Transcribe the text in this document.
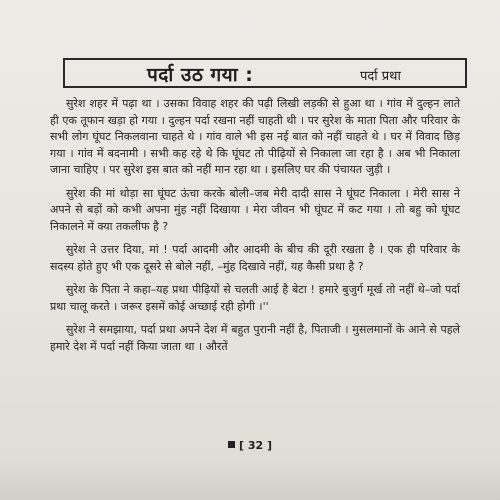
पर्दा उठ गया :	पर्दा प्रथा

सुरेश शहर में पढ़ा था । उसका विवाह शहर की पढ़ी लिखी लड़की से हुआ था । गांव में दुल्हन लाते ही एक तूफान खड़ा हो गया । दुल्हन पर्दा रखना नहीं चाहती थी । पर सुरेश के माता पिता और परिवार के सभी लोग घूंघट निकलवाना चाहते थे । गांव वाले भी इस नई बात को नहीं चाहते थे । घर में विवाद छिड़ गया । गांव में बदनामी । सभी कह रहे थे कि घूंघट तो पीढ़ियों से निकाला जा रहा है । अब भी निकाला जाना चाहिए । पर सुरेश इस बात को नहीं मान रहा था । इसलिए घर की पंचायत जुड़ी ।

सुरेश की मां थोड़ा सा घूंघट ऊंचा करके बोली–जब मेरी दादी सास ने घूंघट निकाला । मेरी सास ने अपने से बड़ों को कभी अपना मुंह नहीं दिखाया । मेरा जीवन भी घूंघट में कट गया । तो बहु को घूंघट निकालने में क्या तकलीफ है ?

सुरेश ने उत्तर दिया, मां ! पर्दा आदमी और आदमी के बीच की दूरी रखता है । एक ही परिवार के सदस्य होते हुए भी एक दूसरे से बोले नहीं, –मुंह दिखावे नहीं, यह कैसी प्रथा है ?

सुरेश के पिता ने कहा–यह प्रथा पीढ़ियों से चलती आई है बेटा ! हमारे बुजुर्ग मूर्ख तो नहीं थे–जो पर्दा प्रथा चालू करते । जरूर इसमें कोई अच्छाई रही होगी ।''

सुरेश ने समझाया, पर्दा प्रथा अपने देश में बहुत पुरानी नहीं है, पिताजी । मुसलमानों के आने से पहले हमारे देश में पर्दा नहीं किया जाता था । औरतें

[ 32 ]
